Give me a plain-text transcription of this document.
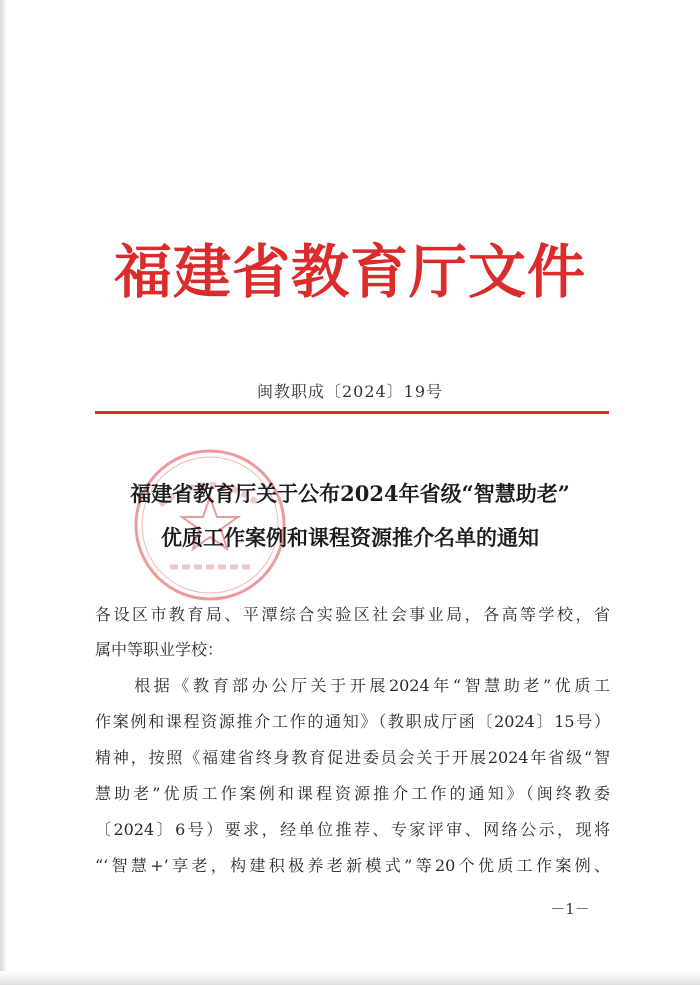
福建省教育厅文件
闽教职成〔2024〕19号
福建省教育厅关于公布2024年省级“智慧助老”
优质工作案例和课程资源推介名单的通知
各设区市教育局、平潭综合实验区社会事业局，各高等学校，省
属中等职业学校：
　　根据《教育部办公厅关于开展2024年“智慧助老”优质工
作案例和课程资源推介工作的通知》（教职成厅函〔2024〕15号）
精神，按照《福建省终身教育促进委员会关于开展2024年省级“智
慧助老”优质工作案例和课程资源推介工作的通知》（闽终教委
〔2024〕6号）要求，经单位推荐、专家评审、网络公示，现将
“‘智慧+’享老，构建积极养老新模式”等20个优质工作案例、
－1－
